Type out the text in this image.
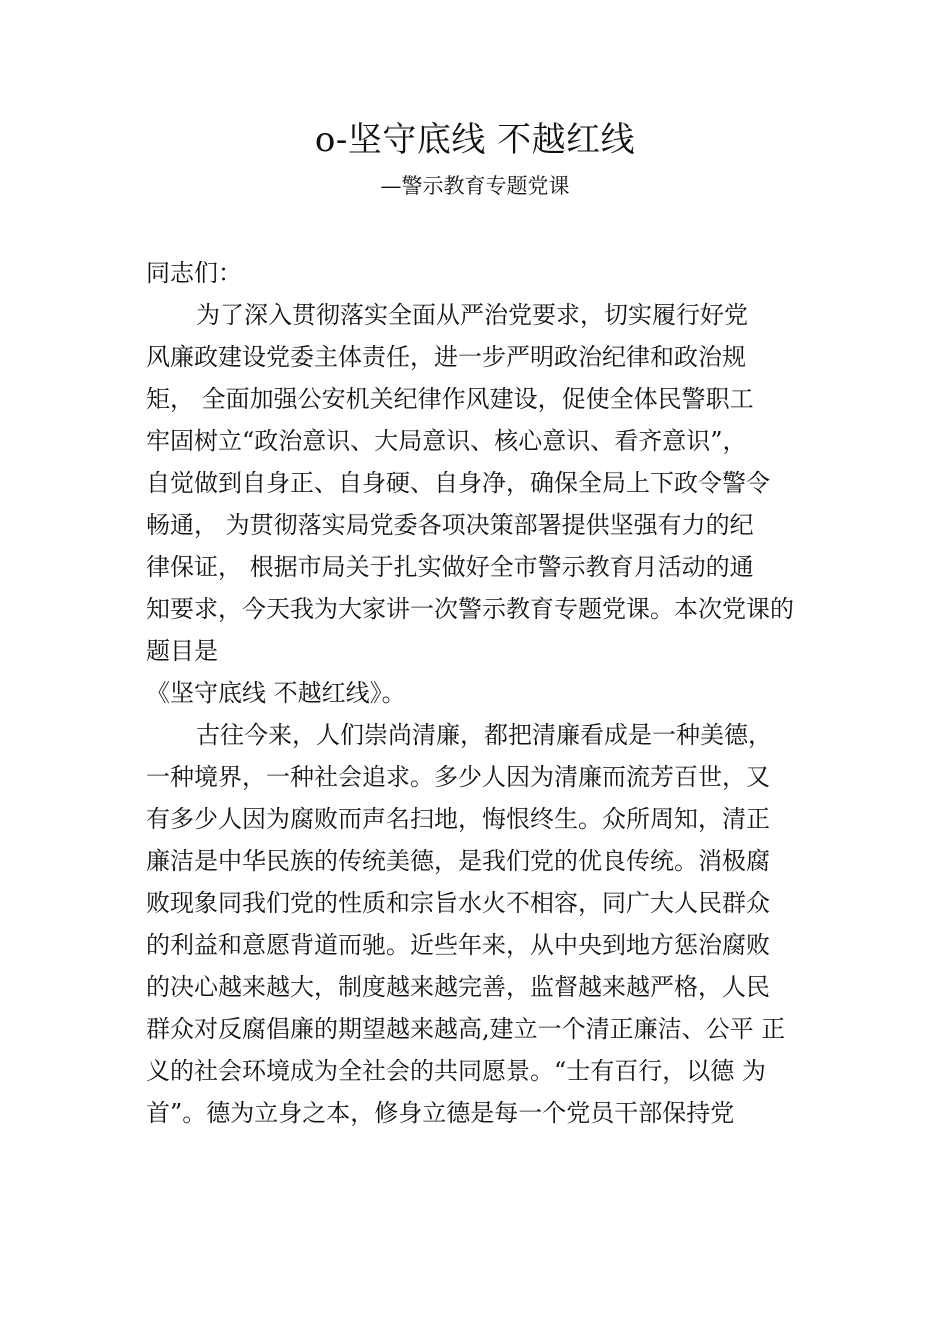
o-坚守底线 不越红线
—警示教育专题党课
同志们：
为了深入贯彻落实全面从严治党要求，切实履行好党
风廉政建设党委主体责任，进一步严明政治纪律和政治规
矩， 全面加强公安机关纪律作风建设，促使全体民警职工
牢固树立“政治意识、大局意识、核心意识、看齐意识”，
自觉做到自身正、自身硬、自身净，确保全局上下政令警令
畅通， 为贯彻落实局党委各项决策部署提供坚强有力的纪
律保证， 根据市局关于扎实做好全市警示教育月活动的通
知要求，今天我为大家讲一次警示教育专题党课。本次党课的
题目是
《坚守底线 不越红线》。
古往今来，人们崇尚清廉，都把清廉看成是一种美德，
一种境界，一种社会追求。多少人因为清廉而流芳百世，又
有多少人因为腐败而声名扫地，悔恨终生。众所周知，清正
廉洁是中华民族的传统美德，是我们党的优良传统。消极腐
败现象同我们党的性质和宗旨水火不相容，同广大人民群众
的利益和意愿背道而驰。近些年来，从中央到地方惩治腐败
的决心越来越大，制度越来越完善，监督越来越严格，人民
群众对反腐倡廉的期望越来越高,建立一个清正廉洁、公平 正
义的社会环境成为全社会的共同愿景。“士有百行，以德 为
首”。德为立身之本，修身立德是每一个党员干部保持党
